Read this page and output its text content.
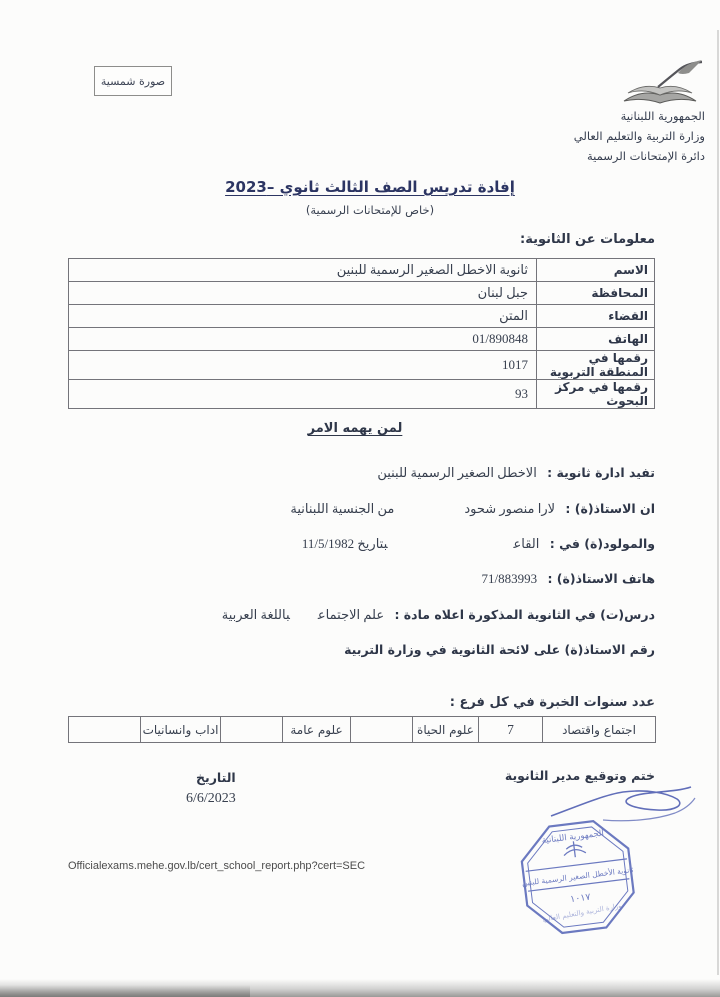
صورة شمسية
الجمهورية اللبنانية
وزارة التربية والتعليم العالي
دائرة الإمتحانات الرسمية
إفادة تدريس الصف الثالث ثانوي –2023
(خاص للإمتحانات الرسمية)
معلومات عن الثانوية:
الاسم	ثانوية الاخطل الصغير الرسمية للبنين
المحافظة	جبل لبنان
القضاء	المتن
الهاتف	01/890848
رقمها في المنطقة التربوية	1017
رقمها في مركز البحوث	93
لمن يهمه الامر
تفيد ادارة ثانوية : الاخطل الصغير الرسمية للبنين
ان الاستاذ(ة) : لارا منصور شحودمن الجنسية اللبنانية
والمولود(ة) في : القاعبتاريخ 11/5/1982
هاتف الاستاذ(ة) : 71/883993
درس(ت) في الثانوية المذكورة اعلاه مادة : علم الاجتماعباللغة العربية
رقم الاستاذ(ة) على لائحة الثانوية في وزارة التربية
عدد سنوات الخبرة في كل فرع :
اجتماع واقتصاد	7	علوم الحياة		علوم عامة		اداب وانسانيات	
ختم وتوقيع مدير الثانوية
التاريخ
6/6/2023
الجمهورية اللبنانية
ثانوية الأخطل الصغير الرسمية للبنين
١٠١٧
وزارة التربية والتعليم العالي
Officialexams.mehe.gov.lb/cert_school_report.php?cert=SEC
